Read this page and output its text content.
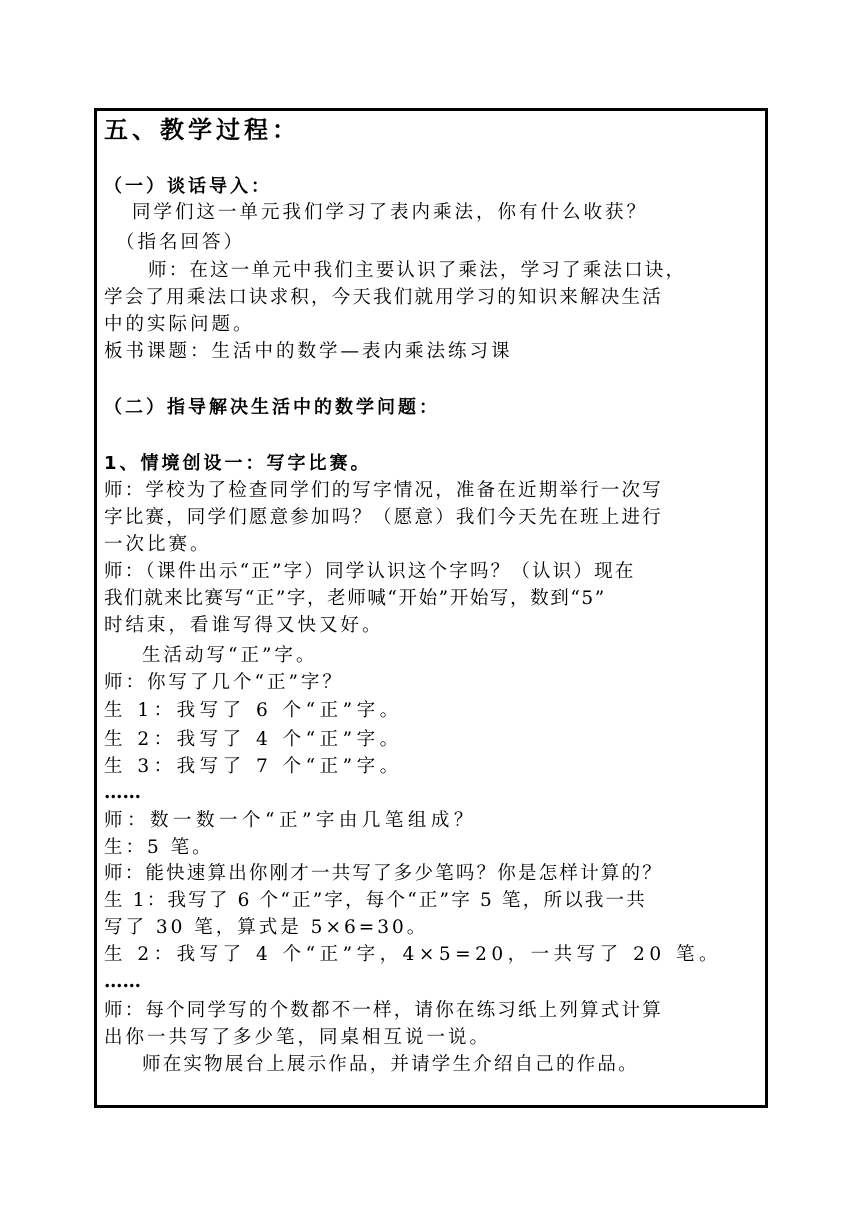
五、教学过程：
（一）谈话导入：
同学们这一单元我们学习了表内乘法，你有什么收获？
（指名回答）
师：在这一单元中我们主要认识了乘法，学习了乘法口诀，
学会了用乘法口诀求积，今天我们就用学习的知识来解决生活
中的实际问题。
板书课题：生活中的数学—表内乘法练习课
（二）指导解决生活中的数学问题：
1、情境创设一：写字比赛。
师：学校为了检查同学们的写字情况，准备在近期举行一次写
字比赛，同学们愿意参加吗？（愿意）我们今天先在班上进行
一次比赛。
师：（课件出示“正”字）同学认识这个字吗？（认识）现在
我们就来比赛写“正”字，老师喊“开始”开始写，数到“5”
时结束，看谁写得又快又好。
生活动写“正”字。
师：你写了几个“正”字？
生 1：我写了 6 个“正”字。
生 2：我写了 4 个“正”字。
生 3：我写了 7 个“正”字。
……
师：数一数一个“正”字由几笔组成？
生：5 笔。
师：能快速算出你刚才一共写了多少笔吗？你是怎样计算的？
生 1：我写了 6 个“正”字，每个“正”字 5 笔，所以我一共
写了 30 笔，算式是 5×6=30。
生 2：我写了 4 个“正”字，4×5=20，一共写了 20 笔。
……
师：每个同学写的个数都不一样，请你在练习纸上列算式计算
出你一共写了多少笔，同桌相互说一说。
师在实物展台上展示作品，并请学生介绍自己的作品。
